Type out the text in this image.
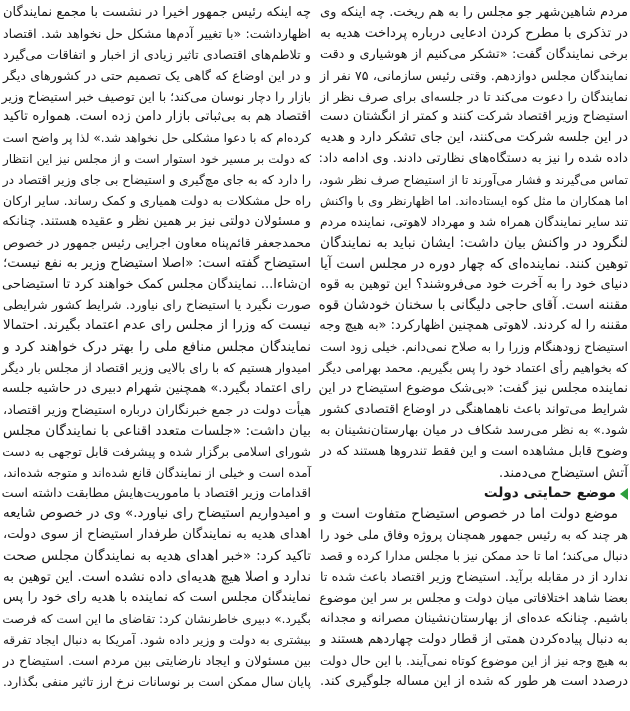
مردم شاهین‌شهر جو مجلس را به هم ریخت. چه اینکه وی
در تذکری با مطرح کردن ادعایی درباره پرداخت هدیه به
برخی نمایندگان گفت: «تشکر می‌کنیم از هوشیاری و دقت
نمایندگان مجلس دوازدهم. وقتی رئیس سازمانی، ۷۵ نفر از
نمایندگان را دعوت می‌کند تا در جلسه‌ای برای صرف نظر از
استیضاح وزیر اقتصاد شرکت کنند و کمتر از انگشتان دست
در این جلسه شرکت می‌کنند، این جای تشکر دارد و هدیه
داده شده را نیز به دستگاه‌های نظارتی دادند. وی ادامه داد:
تماس می‌گیرند و فشار می‌آورند تا از استیضاح صرف نظر شود،
اما همکاران ما مثل کوه ایستاده‌اند. اما اظهارنظر وی با واکنش
تند سایر نمایندگان همراه شد و مهرداد لاهوتی، نماینده مردم
لنگرود در واکنش بیان داشت: ایشان نباید به نمایندگان
توهین کنند. نماینده‌ای که چهار دوره در مجلس است آیا
دنیای خود را به آخرت خود می‌فروشند؟ این توهین به قوه
مقننه است. آقای حاجی دلیگانی با سخنان خودشان قوه
مقننه را له کردند. لاهوتی همچنین اظهارکرد: «به هیچ وجه
استیضاح زودهنگام وزرا را به صلاح نمی‌دانم. خیلی زود است
که بخواهیم رأی اعتماد خود را پس بگیریم. محمد بهرامی دیگر
نماینده مجلس نیز گفت: «بی‌شک موضوع استیضاح در این
شرایط می‌تواند باعث ناهماهنگی در اوضاع اقتصادی کشور
شود.» به نظر می‌رسد شکاف در میان بهارستان‌نشینان به
وضوح قابل مشاهده است و این فقط تندروها هستند که در
آتش استیضاح می‌دمند.
موضع حمایتی دولت
موضع دولت اما در خصوص استیضاح متفاوت است و
هر چند که به رئیس جمهور همچنان پروژه وفاق ملی خود را
دنبال می‌کند؛ اما تا حد ممکن نیز با مجلس مدارا کرده و قصد
ندارد از در مقابله برآید. استیضاح وزیر اقتصاد باعث شده تا
بعضا شاهد اختلافاتی میان دولت و مجلس بر سر این موضوع
باشیم. چنانکه عده‌ای از بهارستان‌نشینان مصرانه و مجدانه
به دنبال پیاده‌کردن همتی از قطار دولت چهاردهم هستند و
به هیچ وجه نیز از این موضوع کوتاه نمی‌آیند. با این حال دولت
درصدد است هر طور که شده از این مساله جلوگیری کند.
چه اینکه رئیس جمهور اخیرا در نشست با مجمع نمایندگان
اظهارداشت: «با تغییر آدم‌ها مشکل حل نخواهد شد. اقتصاد
و تلاطم‌های اقتصادی تاثیر زیادی از اخبار و اتفاقات می‌گیرد
و در این اوضاع که گاهی یک تصمیم حتی در کشورهای دیگر
بازار را دچار نوسان می‌کند؛ با این توصیف خبر استیضاح وزیر
اقتصاد هم به بی‌ثباتی بازار دامن زده است. همواره تاکید
کرده‌ام که با دعوا مشکلی حل نخواهد شد.» لذا پر واضح است
که دولت بر مسیر خود استوار است و از مجلس نیز این انتظار
را دارد که به جای مچ‌گیری و استیضاح بی جای وزیر اقتصاد در
راه حل مشکلات به دولت همیاری و کمک رساند. سایر ارکان
و مسئولان دولتی نیز بر همین نظر و عقیده هستند. چنانکه
محمدجعفر قائم‌پناه معاون اجرایی رئیس جمهور در خصوص
استیضاح گفته است: «اصلا استیضاح وزیر به نفع نیست؛
ان‌شاءا... نمایندگان مجلس کمک خواهند کرد تا استیضاحی
صورت نگیرد یا استیضاح رای نیاورد. شرایط کشور شرایطی
نیست که وزرا از مجلس رای عدم اعتماد بگیرند. احتمالا
نمایندگان مجلس منافع ملی را بهتر درک خواهند کرد و
امیدوار هستیم که با رای بالایی وزیر اقتصاد از مجلس بار دیگر
رای اعتماد بگیرد.» همچنین شهرام دبیری در حاشیه جلسه
هیأت دولت در جمع خبرنگاران درباره استیضاح وزیر اقتصاد،
بیان داشت: «جلسات متعدد اقناعی با نمایندگان مجلس
شورای اسلامی برگزار شده و پیشرفت قابل توجهی به دست
آمده است و خیلی از نمایندگان قانع شده‌اند و متوجه شده‌اند،
اقدامات وزیر اقتصاد با ماموریت‌هایش مطابقت داشته است
و امیدواریم استیضاح رای نیاورد.» وی در خصوص شایعه
اهدای هدیه به نمایندگان طرفدار استیضاح از سوی دولت،
تاکید کرد: «خبر اهدای هدیه به نمایندگان مجلس صحت
ندارد و اصلا هیچ هدیه‌ای داده نشده است. این توهین به
نمایندگان مجلس است که نماینده با هدیه رای خود را پس
بگیرد.» دبیری خاطرنشان کرد: تقاضای ما این است که فرصت
بیشتری به دولت و وزیر داده شود. آمریکا به دنبال ایجاد تفرقه
بین مسئولان و ایجاد نارضایتی بین مردم است. استیضاح در
پایان سال ممکن است بر نوسانات نرخ ارز تاثیر منفی بگذارد.
